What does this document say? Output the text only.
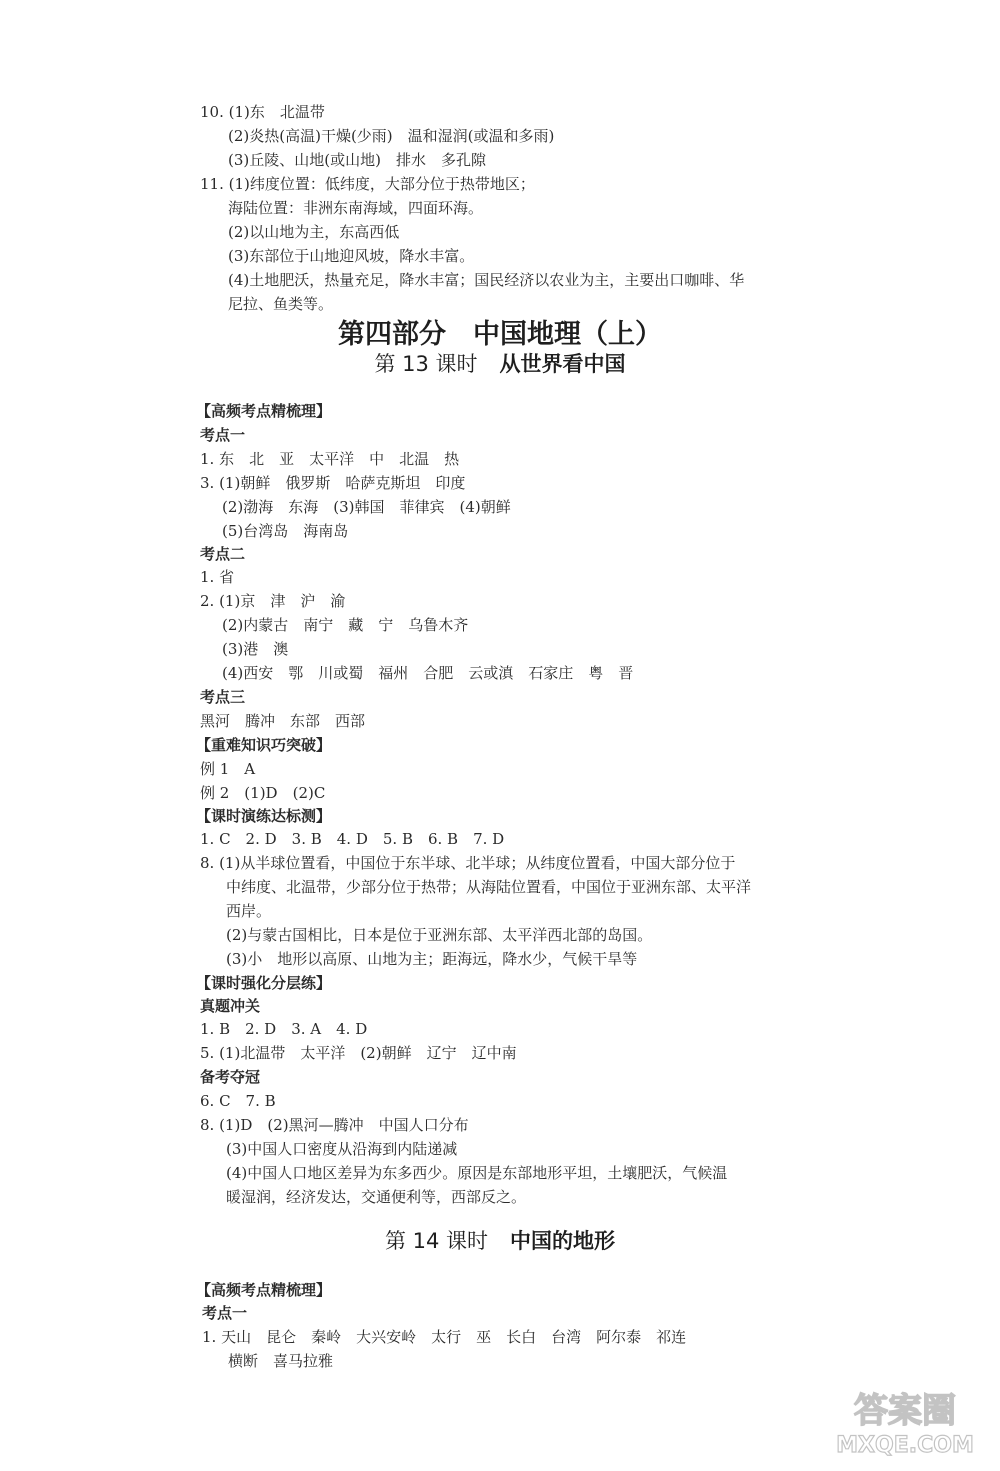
10. (1)东　北温带
(2)炎热(高温)干燥(少雨)　温和湿润(或温和多雨)
(3)丘陵、山地(或山地)　排水　多孔隙
11. (1)纬度位置：低纬度，大部分位于热带地区；
海陆位置：非洲东南海域，四面环海。
(2)以山地为主，东高西低
(3)东部位于山地迎风坡，降水丰富。
(4)土地肥沃，热量充足，降水丰富；国民经济以农业为主，主要出口咖啡、华
尼拉、鱼类等。
第四部分　中国地理（上）
第 13 课时 从世界看中国
【高频考点精梳理】
考点一
1. 东　北　亚　太平洋　中　北温　热
3. (1)朝鲜　俄罗斯　哈萨克斯坦　印度
(2)渤海　东海　(3)韩国　菲律宾　(4)朝鲜
(5)台湾岛　海南岛
考点二
1. 省
2. (1)京　津　沪　渝
(2)内蒙古　南宁　藏　宁　乌鲁木齐
(3)港　澳
(4)西安　鄂　川或蜀　福州　合肥　云或滇　石家庄　粤　晋
考点三
黑河　腾冲　东部　西部
【重难知识巧突破】
例 1　A
例 2　(1)D　(2)C
【课时演练达标测】
1. C　2. D　3. B　4. D　5. B　6. B　7. D
8. (1)从半球位置看，中国位于东半球、北半球；从纬度位置看，中国大部分位于
中纬度、北温带，少部分位于热带；从海陆位置看，中国位于亚洲东部、太平洋
西岸。
(2)与蒙古国相比，日本是位于亚洲东部、太平洋西北部的岛国。
(3)小　地形以高原、山地为主；距海远，降水少，气候干旱等
【课时强化分层练】
真题冲关
1. B　2. D　3. A　4. D
5. (1)北温带　太平洋　(2)朝鲜　辽宁　辽中南
备考夺冠
6. C　7. B
8. (1)D　(2)黑河—腾冲　中国人口分布
(3)中国人口密度从沿海到内陆递减
(4)中国人口地区差异为东多西少。原因是东部地形平坦，土壤肥沃，气候温
暖湿润，经济发达，交通便利等，西部反之。
第 14 课时 中国的地形
【高频考点精梳理】
考点一
1. 天山　昆仑　秦岭　大兴安岭　太行　巫　长白　台湾　阿尔泰　祁连
横断　喜马拉雅
答案圈
MXQE.COM
